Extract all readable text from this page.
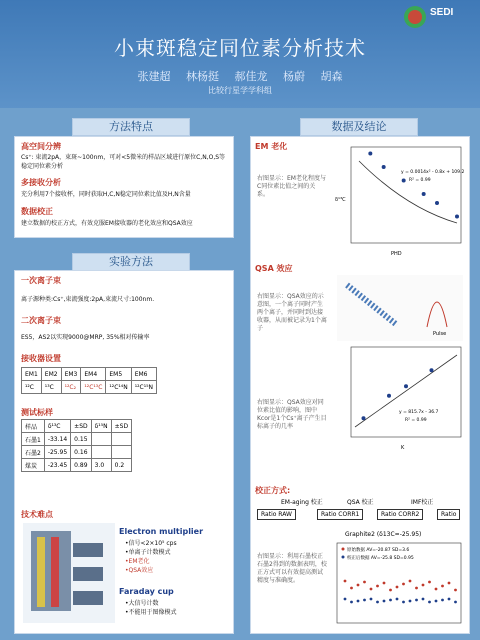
SEDI
小束斑稳定同位素分析技术
张建超 林杨挺 郝佳龙 杨蔚 胡森
比较行星学学科组
方法特点
高空间分辨
Cs⁺: 束流2pA，束斑~100nm，可对<5微米的样品区域进行原位C,N,O,S等稳定同位素分析
多接收分析
充分利用7个接收杯，同时获取H,C,N稳定同位素比值及H,N含量
数据校正
建立数据的校正方式，有效克服EM接收器的老化效应和QSA效应
实验方法
一次离子束
离子源种类:Cs⁺,束流强度:2pA,束流尺寸:100nm.
二次离子束
ES5，AS2以实现9000@MRP, 35%相对传输率
接收器设置
EM1	EM2	EM3	EM4	EM5	EM6
¹²C	¹³C	¹²C₂	¹²C¹³C	¹²C¹⁴N	¹²C¹⁵N
测试标样
样品	δ¹³C	±SD	δ¹⁵N	±SD
石墨1	-33.14	0.15		
石墨2	-25.95	0.16		
煤炭	-23.45	0.89	3.0	0.2
技术难点
Electron multiplier
•信号<2×10⁵ cps
•单离子计数模式
•EM老化
•QSA效应
Faraday cup
•大信号计数
•不能用于图像模式
数据及结论
EM 老化
右图显示：EM老化程度与C同位素比值之间的关系。
y = 0.0014x² - 0.8x + 109.2
R² = 0.99
PHD
δ¹³C
QSA 效应
右图显示：QSA效应的示意图，一个离子同时产生两个离子，并同时到达接收器，从而被记录为1个离子
Pulse
右图显示：QSA效应对同位素比值的影响，图中Kcor是1个Cs⁺离子产生目标离子的几率
y = 815.7x - 36.7
R² = 0.99
K
校正方式:
EM-aging 校正	QSA 校正	IMF校正
Ratio RAW	Ratio CORR1	Ratio CORR2	Ratio
右图显示：利用石墨校正石墨2得到的数据表明，校正方式可以有效提高测试精度与准确度。
Graphite2 (δ13C=-25.95)
原始数据 AV=-20.87 SD=3.6
校正后数据 AV=-25.8 SD=0.95
